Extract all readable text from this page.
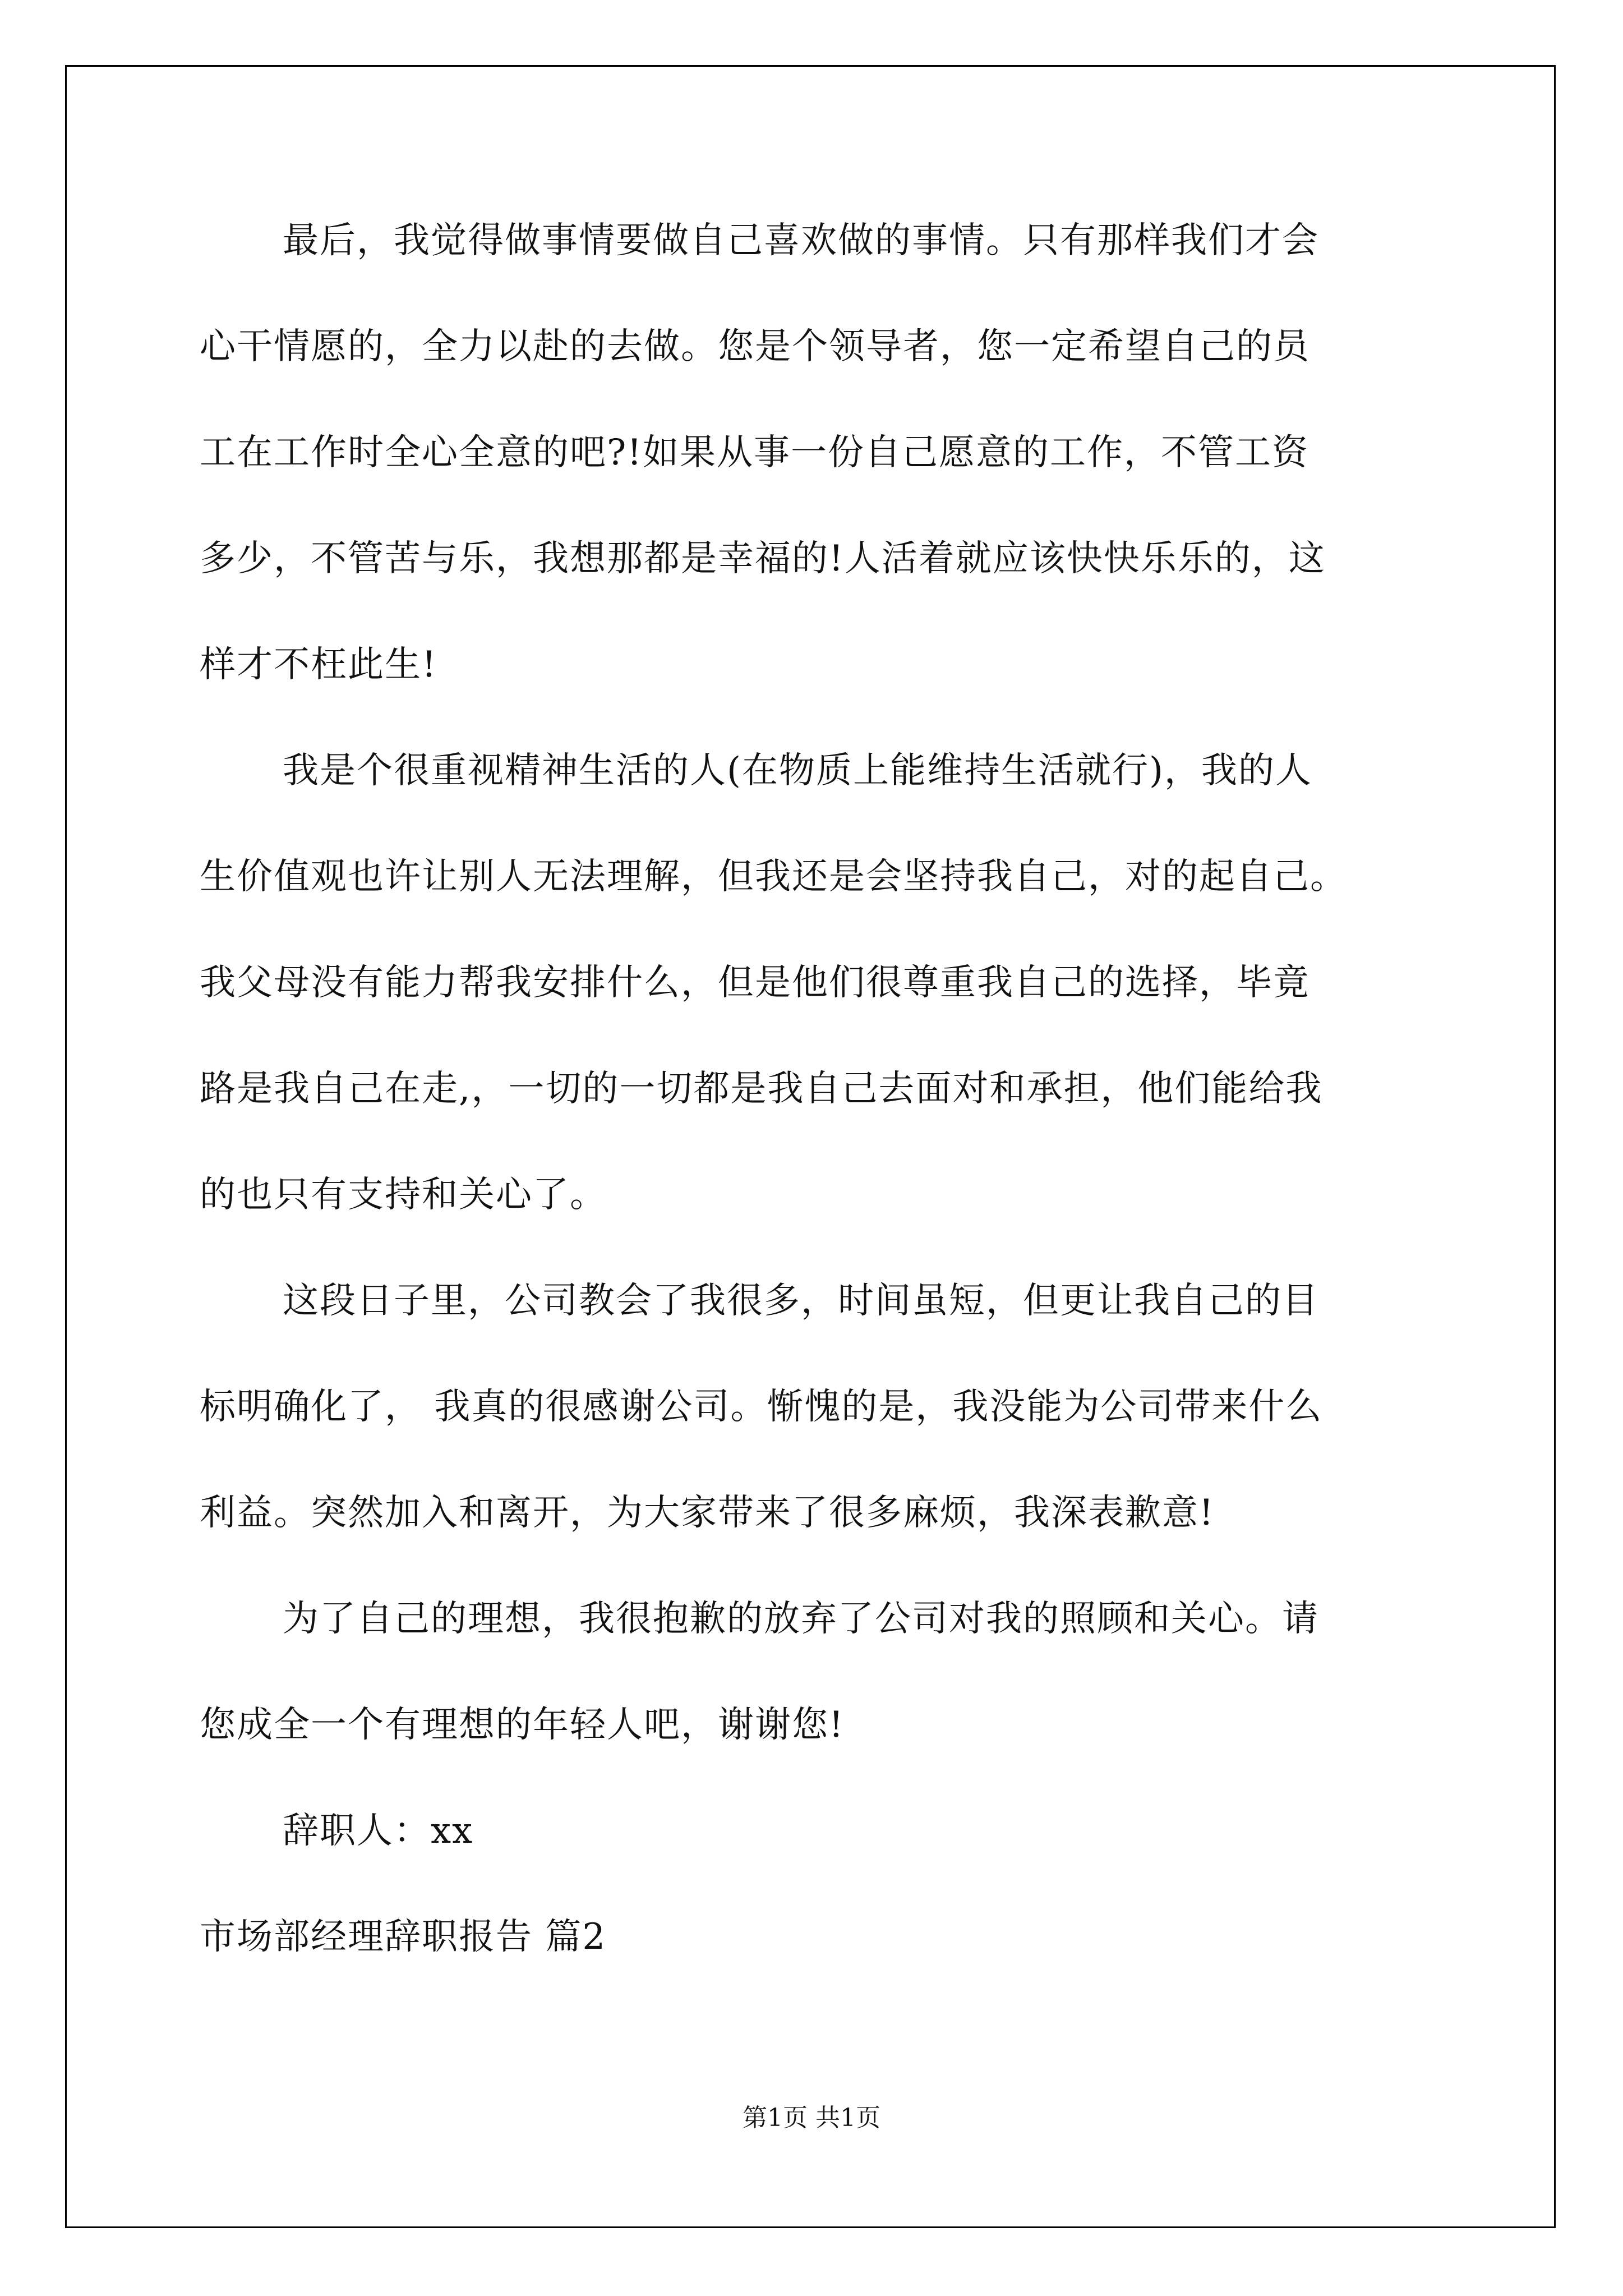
最后，我觉得做事情要做自己喜欢做的事情。只有那样我们才会
心干情愿的，全力以赴的去做。您是个领导者，您一定希望自己的员
工在工作时全心全意的吧?!如果从事一份自己愿意的工作，不管工资
多少，不管苦与乐，我想那都是幸福的!人活着就应该快快乐乐的，这
样才不枉此生!
我是个很重视精神生活的人(在物质上能维持生活就行)，我的人
生价值观也许让别人无法理解，但我还是会坚持我自己，对的起自己。
我父母没有能力帮我安排什么，但是他们很尊重我自己的选择，毕竟
路是我自己在走,，一切的一切都是我自己去面对和承担，他们能给我
的也只有支持和关心了。
这段日子里，公司教会了我很多，时间虽短，但更让我自己的目
标明确化了， 我真的很感谢公司。惭愧的是，我没能为公司带来什么
利益。突然加入和离开，为大家带来了很多麻烦，我深表歉意!
为了自己的理想，我很抱歉的放弃了公司对我的照顾和关心。请
您成全一个有理想的年轻人吧，谢谢您!
辞职人：xx
市场部经理辞职报告 篇2
第1页 共1页
